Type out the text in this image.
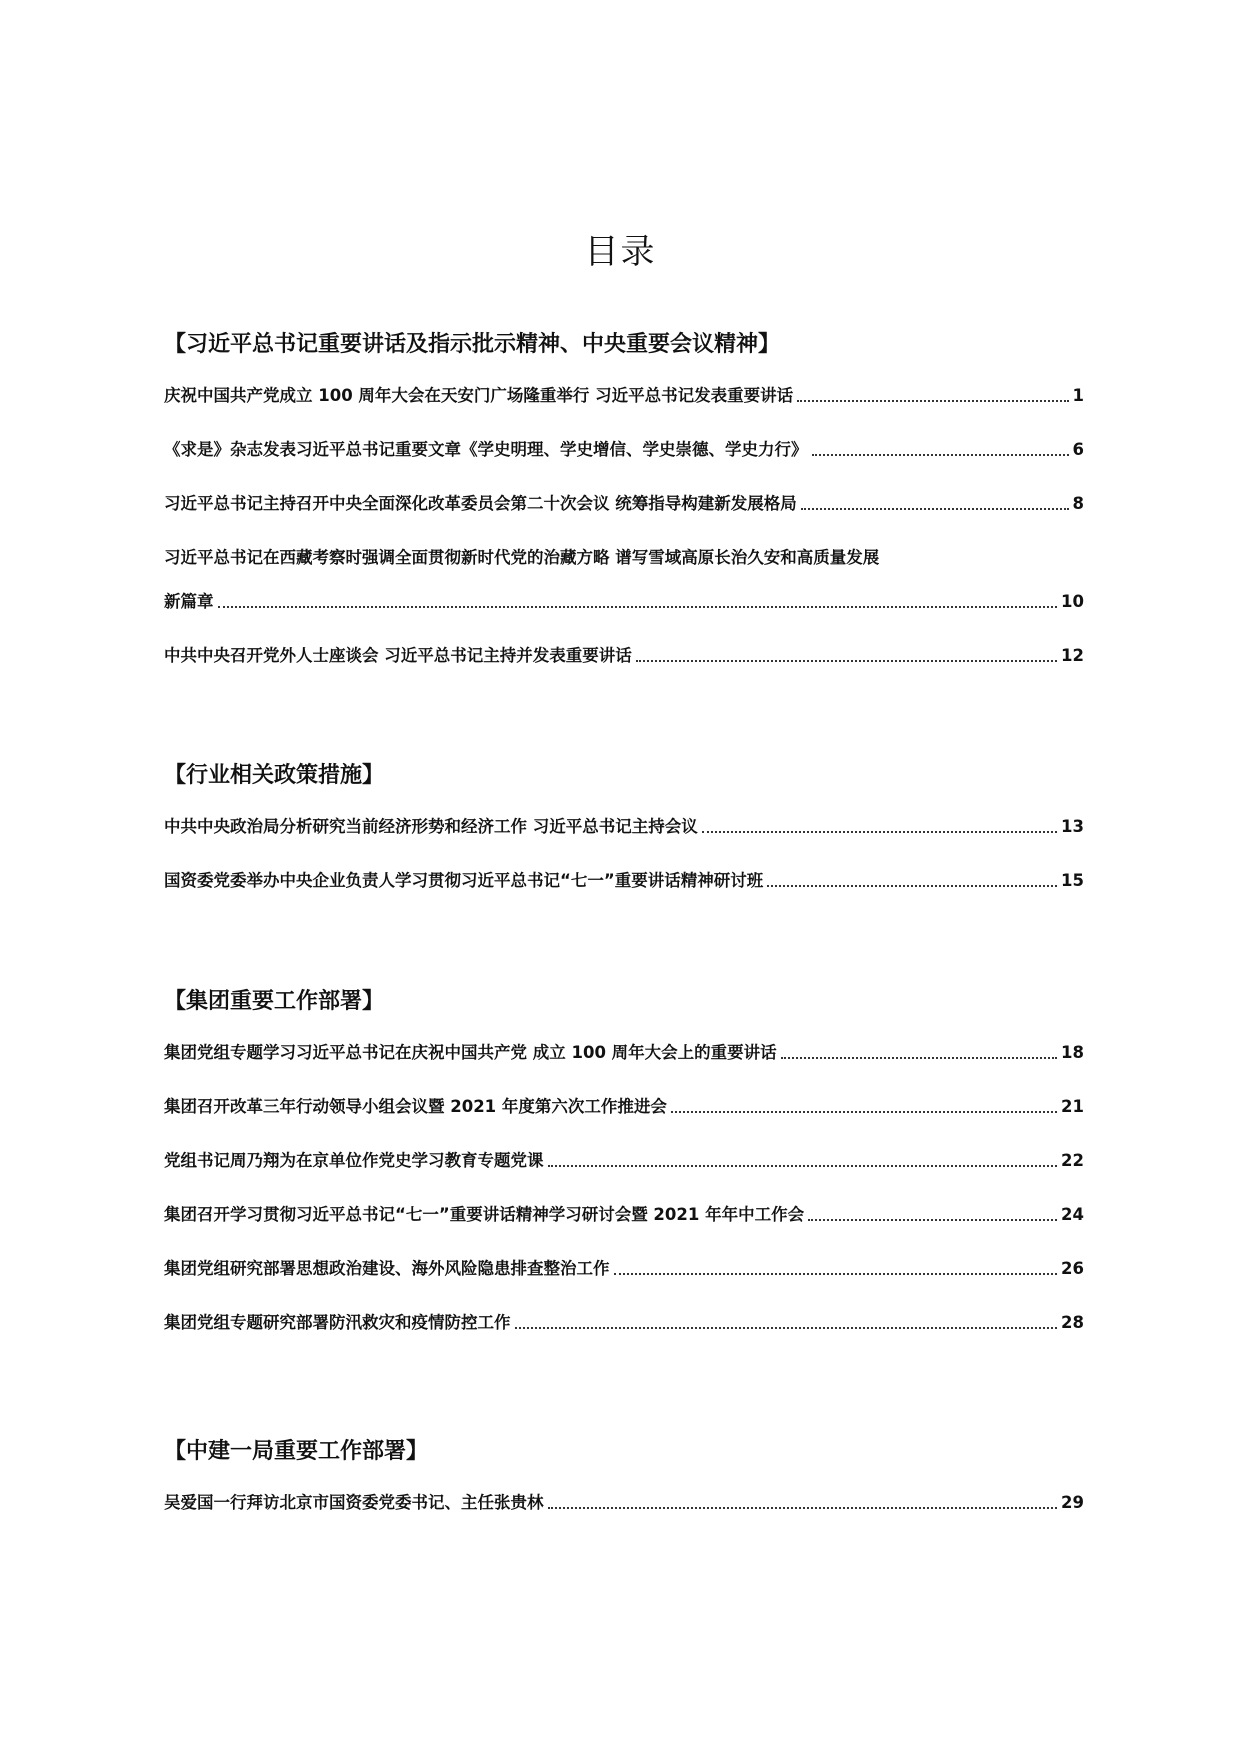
目录
【习近平总书记重要讲话及指示批示精神、中央重要会议精神】
庆祝中国共产党成立 100 周年大会在天安门广场隆重举行 习近平总书记发表重要讲话	1
《求是》杂志发表习近平总书记重要文章《学史明理、学史增信、学史崇德、学史力行》	6
习近平总书记主持召开中央全面深化改革委员会第二十次会议 统筹指导构建新发展格局	8
习近平总书记在西藏考察时强调全面贯彻新时代党的治藏方略 谱写雪域高原长治久安和高质量发展
新篇章	10
中共中央召开党外人士座谈会 习近平总书记主持并发表重要讲话	12
【行业相关政策措施】
中共中央政治局分析研究当前经济形势和经济工作 习近平总书记主持会议	13
国资委党委举办中央企业负责人学习贯彻习近平总书记“七一”重要讲话精神研讨班	15
【集团重要工作部署】
集团党组专题学习习近平总书记在庆祝中国共产党 成立 100 周年大会上的重要讲话	18
集团召开改革三年行动领导小组会议暨 2021 年度第六次工作推进会	21
党组书记周乃翔为在京单位作党史学习教育专题党课	22
集团召开学习贯彻习近平总书记“七一”重要讲话精神学习研讨会暨 2021 年年中工作会	24
集团党组研究部署思想政治建设、海外风险隐患排查整治工作	26
集团党组专题研究部署防汛救灾和疫情防控工作	28
【中建一局重要工作部署】
吴爱国一行拜访北京市国资委党委书记、主任张贵林	29
